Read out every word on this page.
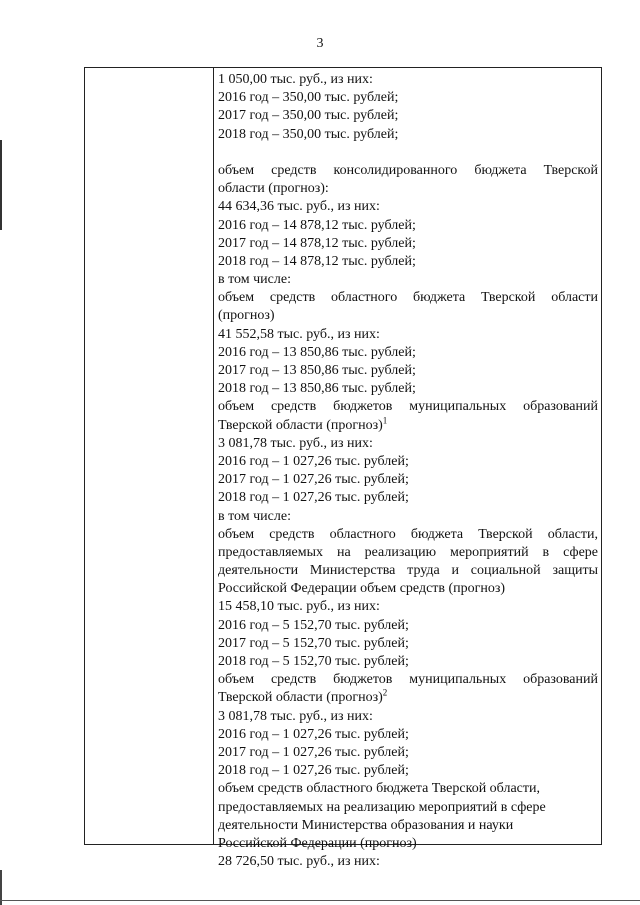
3
1 050,00 тыс. руб., из них:
2016 год – 350,00 тыс. рублей;
2017 год – 350,00 тыс. рублей;
2018 год – 350,00 тыс. рублей;
объем средств консолидированного бюджета Тверской
области (прогноз):
44 634,36 тыс. руб., из них:
2016 год – 14 878,12 тыс. рублей;
2017 год – 14 878,12 тыс. рублей;
2018 год – 14 878,12 тыс. рублей;
в том числе:
объем средств областного бюджета Тверской области
(прогноз)
41 552,58 тыс. руб., из них:
2016 год – 13 850,86 тыс. рублей;
2017 год – 13 850,86 тыс. рублей;
2018 год – 13 850,86 тыс. рублей;
объем средств бюджетов муниципальных образований
Тверской области (прогноз)$^1$
3 081,78 тыс. руб., из них:
2016 год – 1 027,26 тыс. рублей;
2017 год – 1 027,26 тыс. рублей;
2018 год – 1 027,26 тыс. рублей;
в том числе:
объем средств областного бюджета Тверской области,
предоставляемых на реализацию мероприятий в сфере
деятельности Министерства труда и социальной защиты
Российской Федерации объем средств (прогноз)
15 458,10 тыс. руб., из них:
2016 год – 5 152,70 тыс. рублей;
2017 год – 5 152,70 тыс. рублей;
2018 год – 5 152,70 тыс. рублей;
объем средств бюджетов муниципальных образований
Тверской области (прогноз)$^2$
3 081,78 тыс. руб., из них:
2016 год – 1 027,26 тыс. рублей;
2017 год – 1 027,26 тыс. рублей;
2018 год – 1 027,26 тыс. рублей;
объем средств областного бюджета Тверской области,
предоставляемых на реализацию мероприятий в сфере
деятельности Министерства образования и науки
Российской Федерации (прогноз)
28 726,50 тыс. руб., из них:
